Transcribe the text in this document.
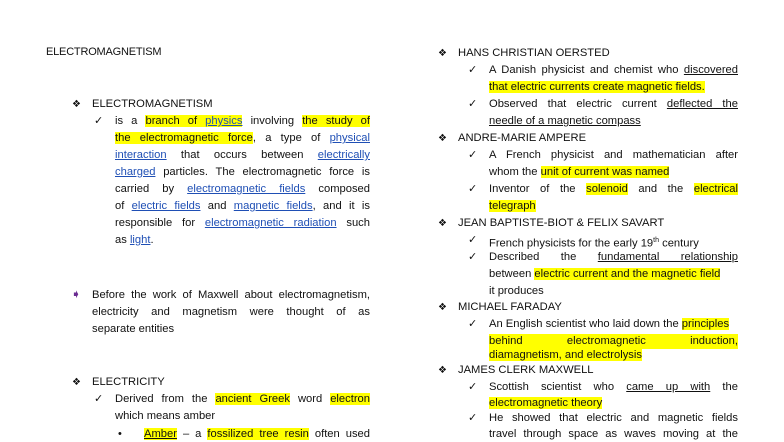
ELECTROMAGNETISM
❖ ELECTROMAGNETISM
✓ is a branch of physics involving the study of
the electromagnetic force, a type of physical
interaction that occurs between electrically
charged particles. The electromagnetic force is
carried by electromagnetic fields composed
of electric fields and magnetic fields, and it is
responsible for electromagnetic radiation such
as light.
➧ Before the work of Maxwell about electromagnetism,
electricity and magnetism were thought of as
separate entities
❖ ELECTRICITY
✓ Derived from the ancient Greek word electron
which means amber
• Amber – a fossilized tree resin often used
❖ HANS CHRISTIAN OERSTED
✓ A Danish physicist and chemist who discovered
that electric currents create magnetic fields.
✓ Observed that electric current deflected the
needle of a magnetic compass
❖ ANDRE-MARIE AMPERE
✓ A French physicist and mathematician after
whom the unit of current was named
✓ Inventor of the solenoid and the electrical
telegraph
❖ JEAN BAPTISTE-BIOT & FELIX SAVART
✓ French physicists for the early 19th century
✓ Described the fundamental relationship
between electric current and the magnetic field
it produces
❖ MICHAEL FARADAY
✓ An English scientist who laid down the principles
behind	electromagnetic	induction,
diamagnetism, and electrolysis
❖ JAMES CLERK MAXWELL
✓ Scottish scientist who came up with the
electromagnetic theory
✓ He showed that electric and magnetic fields
travel through space as waves moving at the
